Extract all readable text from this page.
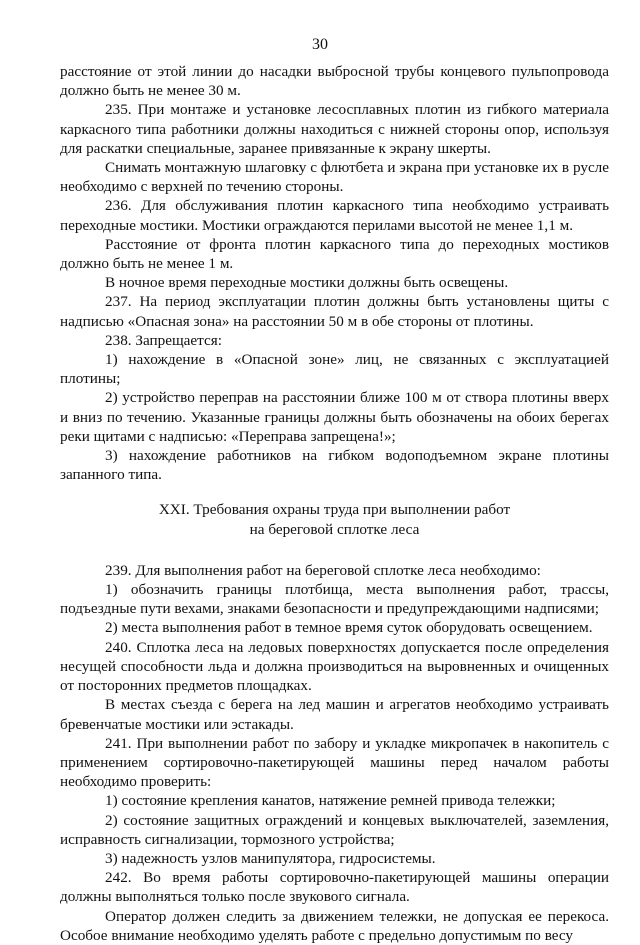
30

расстояние от этой линии до насадки выбросной трубы концевого пульпопровода должно быть не менее 30 м.

235. При монтаже и установке лесосплавных плотин из гибкого материала каркасного типа работники должны находиться с нижней стороны опор, используя для раскатки специальные, заранее привязанные к экрану шкерты.

Снимать монтажную шлаговку с флютбета и экрана при установке их в русле необходимо с верхней по течению стороны.

236. Для обслуживания плотин каркасного типа необходимо устраивать переходные мостики. Мостики ограждаются перилами высотой не менее 1,1 м.

Расстояние от фронта плотин каркасного типа до переходных мостиков должно быть не менее 1 м.

В ночное время переходные мостики должны быть освещены.

237. На период эксплуатации плотин должны быть установлены щиты с надписью «Опасная зона» на расстоянии 50 м в обе стороны от плотины.

238. Запрещается:

1) нахождение в «Опасной зоне» лиц, не связанных с эксплуатацией плотины;

2) устройство переправ на расстоянии ближе 100 м от створа плотины вверх и вниз по течению. Указанные границы должны быть обозначены на обоих берегах реки щитами с надписью: «Переправа запрещена!»;

3) нахождение работников на гибком водоподъемном экране плотины запанного типа.

XXI. Требования охраны труда при выполнении работ
на береговой сплотке леса

239. Для выполнения работ на береговой сплотке леса необходимо:

1) обозначить границы плотбища, места выполнения работ, трассы, подъездные пути вехами, знаками безопасности и предупреждающими надписями;

2) места выполнения работ в темное время суток оборудовать освещением.

240. Сплотка леса на ледовых поверхностях допускается после определения несущей способности льда и должна производиться на выровненных и очищенных от посторонних предметов площадках.

В местах съезда с берега на лед машин и агрегатов необходимо устраивать бревенчатые мостики или эстакады.

241. При выполнении работ по забору и укладке микропачек в накопитель с применением сортировочно-пакетирующей машины перед началом работы необходимо проверить:

1) состояние крепления канатов, натяжение ремней привода тележки;

2) состояние защитных ограждений и концевых выключателей, заземления, исправность сигнализации, тормозного устройства;

3) надежность узлов манипулятора, гидросистемы.

242. Во время работы сортировочно-пакетирующей машины операции должны выполняться только после звукового сигнала.

Оператор должен следить за движением тележки, не допуская ее перекоса. Особое внимание необходимо уделять работе с предельно допустимым по весу
